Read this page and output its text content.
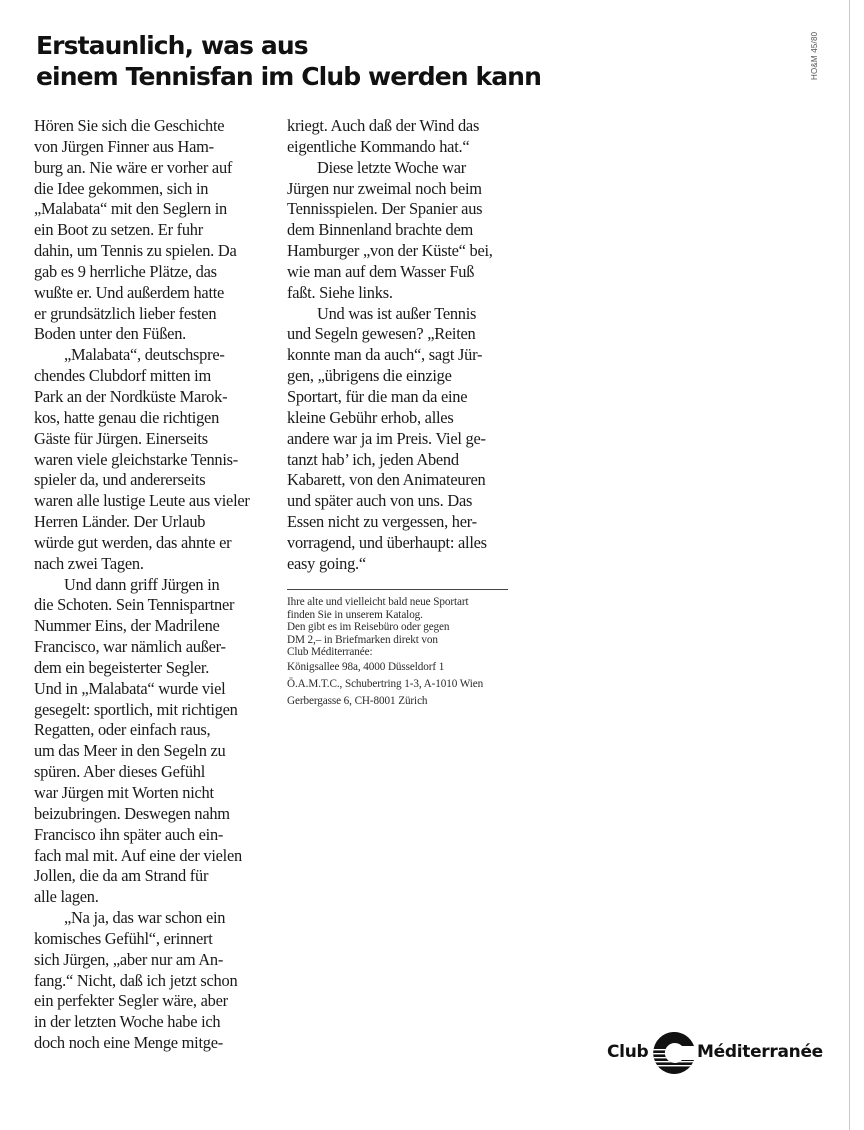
Erstaunlich, was aus
einem Tennisfan im Club werden kann	HO&M 45/80
Hören Sie sich die Geschichte
von Jürgen Finner aus Ham-
burg an. Nie wäre er vorher auf
die Idee gekommen, sich in
„Malabata“ mit den Seglern in
ein Boot zu setzen. Er fuhr
dahin, um Tennis zu spielen. Da
gab es 9 herrliche Plätze, das
wußte er. Und außerdem hatte
er grundsätzlich lieber festen
Boden unter den Füßen.
„Malabata“, deutschspre-
chendes Clubdorf mitten im
Park an der Nordküste Marok-
kos, hatte genau die richtigen
Gäste für Jürgen. Einerseits
waren viele gleichstarke Tennis-
spieler da, und andererseits
waren alle lustige Leute aus vieler
Herren Länder. Der Urlaub
würde gut werden, das ahnte er
nach zwei Tagen.
Und dann griff Jürgen in
die Schoten. Sein Tennispartner
Nummer Eins, der Madrilene
Francisco, war nämlich außer-
dem ein begeisterter Segler.
Und in „Malabata“ wurde viel
gesegelt: sportlich, mit richtigen
Regatten, oder einfach raus,
um das Meer in den Segeln zu
spüren. Aber dieses Gefühl
war Jürgen mit Worten nicht
beizubringen. Deswegen nahm
Francisco ihn später auch ein-
fach mal mit. Auf eine der vielen
Jollen, die da am Strand für
alle lagen.
„Na ja, das war schon ein
komisches Gefühl“, erinnert
sich Jürgen, „aber nur am An-
fang.“ Nicht, daß ich jetzt schon
ein perfekter Segler wäre, aber
in der letzten Woche habe ich
doch noch eine Menge mitge-
kriegt. Auch daß der Wind das
eigentliche Kommando hat.“
Diese letzte Woche war
Jürgen nur zweimal noch beim
Tennisspielen. Der Spanier aus
dem Binnenland brachte dem
Hamburger „von der Küste“ bei,
wie man auf dem Wasser Fuß
faßt. Siehe links.
Und was ist außer Tennis
und Segeln gewesen? „Reiten
konnte man da auch“, sagt Jür-
gen, „übrigens die einzige
Sportart, für die man da eine
kleine Gebühr erhob, alles
andere war ja im Preis. Viel ge-
tanzt hab’ ich, jeden Abend
Kabarett, von den Animateuren
und später auch von uns. Das
Essen nicht zu vergessen, her-
vorragend, und überhaupt: alles
easy going.“
Ihre alte und vielleicht bald neue Sportart
finden Sie in unserem Katalog.
Den gibt es im Reisebüro oder gegen
DM 2,– in Briefmarken direkt von
Club Méditerranée:
Königsallee 98a, 4000 Düsseldorf 1
Ö.A.M.T.C., Schubertring 1-3, A-1010 Wien
Gerbergasse 6, CH-8001 Zürich
Club	Méditerranée
